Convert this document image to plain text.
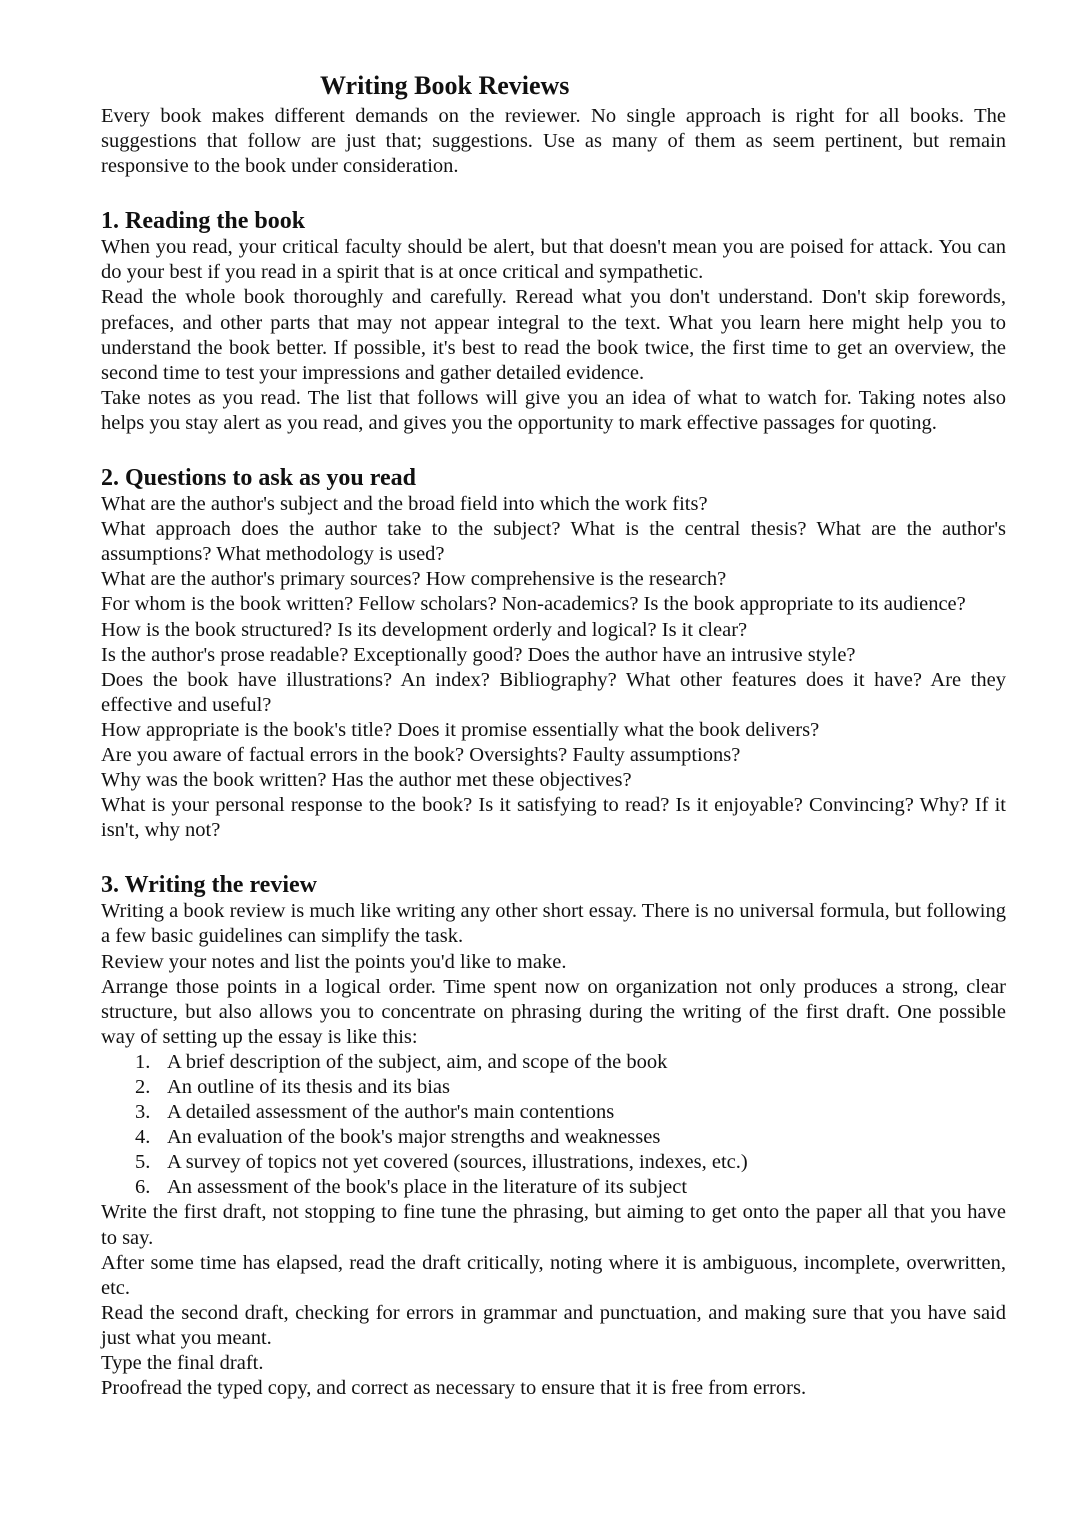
Writing Book Reviews

Every book makes different demands on the reviewer. No single approach is right for all books. The suggestions that follow are just that; suggestions. Use as many of them as seem pertinent, but remain responsive to the book under consideration.

1. Reading the book

When you read, your critical faculty should be alert, but that doesn't mean you are poised for attack. You can do your best if you read in a spirit that is at once critical and sympathetic.

Read the whole book thoroughly and carefully. Reread what you don't understand. Don't skip forewords, prefaces, and other parts that may not appear integral to the text. What you learn here might help you to understand the book better. If possible, it's best to read the book twice, the first time to get an overview, the second time to test your impressions and gather detailed evidence.

Take notes as you read. The list that follows will give you an idea of what to watch for. Taking notes also helps you stay alert as you read, and gives you the opportunity to mark effective passages for quoting.

2. Questions to ask as you read

What are the author's subject and the broad field into which the work fits?

What approach does the author take to the subject? What is the central thesis? What are the author's assumptions? What methodology is used?

What are the author's primary sources? How comprehensive is the research?

For whom is the book written? Fellow scholars? Non-academics? Is the book appropriate to its audience?

How is the book structured? Is its development orderly and logical? Is it clear?

Is the author's prose readable? Exceptionally good? Does the author have an intrusive style?

Does the book have illustrations? An index? Bibliography? What other features does it have? Are they effective and useful?

How appropriate is the book's title? Does it promise essentially what the book delivers?

Are you aware of factual errors in the book? Oversights? Faulty assumptions?

Why was the book written? Has the author met these objectives?

What is your personal response to the book? Is it satisfying to read? Is it enjoyable? Convincing? Why? If it isn't, why not?

3. Writing the review

Writing a book review is much like writing any other short essay. There is no universal formula, but following a few basic guidelines can simplify the task.

Review your notes and list the points you'd like to make.

Arrange those points in a logical order. Time spent now on organization not only produces a strong, clear structure, but also allows you to concentrate on phrasing during the writing of the first draft. One possible way of setting up the essay is like this:

1. A brief description of the subject, aim, and scope of the book
2. An outline of its thesis and its bias
3. A detailed assessment of the author's main contentions
4. An evaluation of the book's major strengths and weaknesses
5. A survey of topics not yet covered (sources, illustrations, indexes, etc.)
6. An assessment of the book's place in the literature of its subject

Write the first draft, not stopping to fine tune the phrasing, but aiming to get onto the paper all that you have to say.

After some time has elapsed, read the draft critically, noting where it is ambiguous, incomplete, overwritten, etc.

Read the second draft, checking for errors in grammar and punctuation, and making sure that you have said just what you meant.

Type the final draft.

Proofread the typed copy, and correct as necessary to ensure that it is free from errors.
